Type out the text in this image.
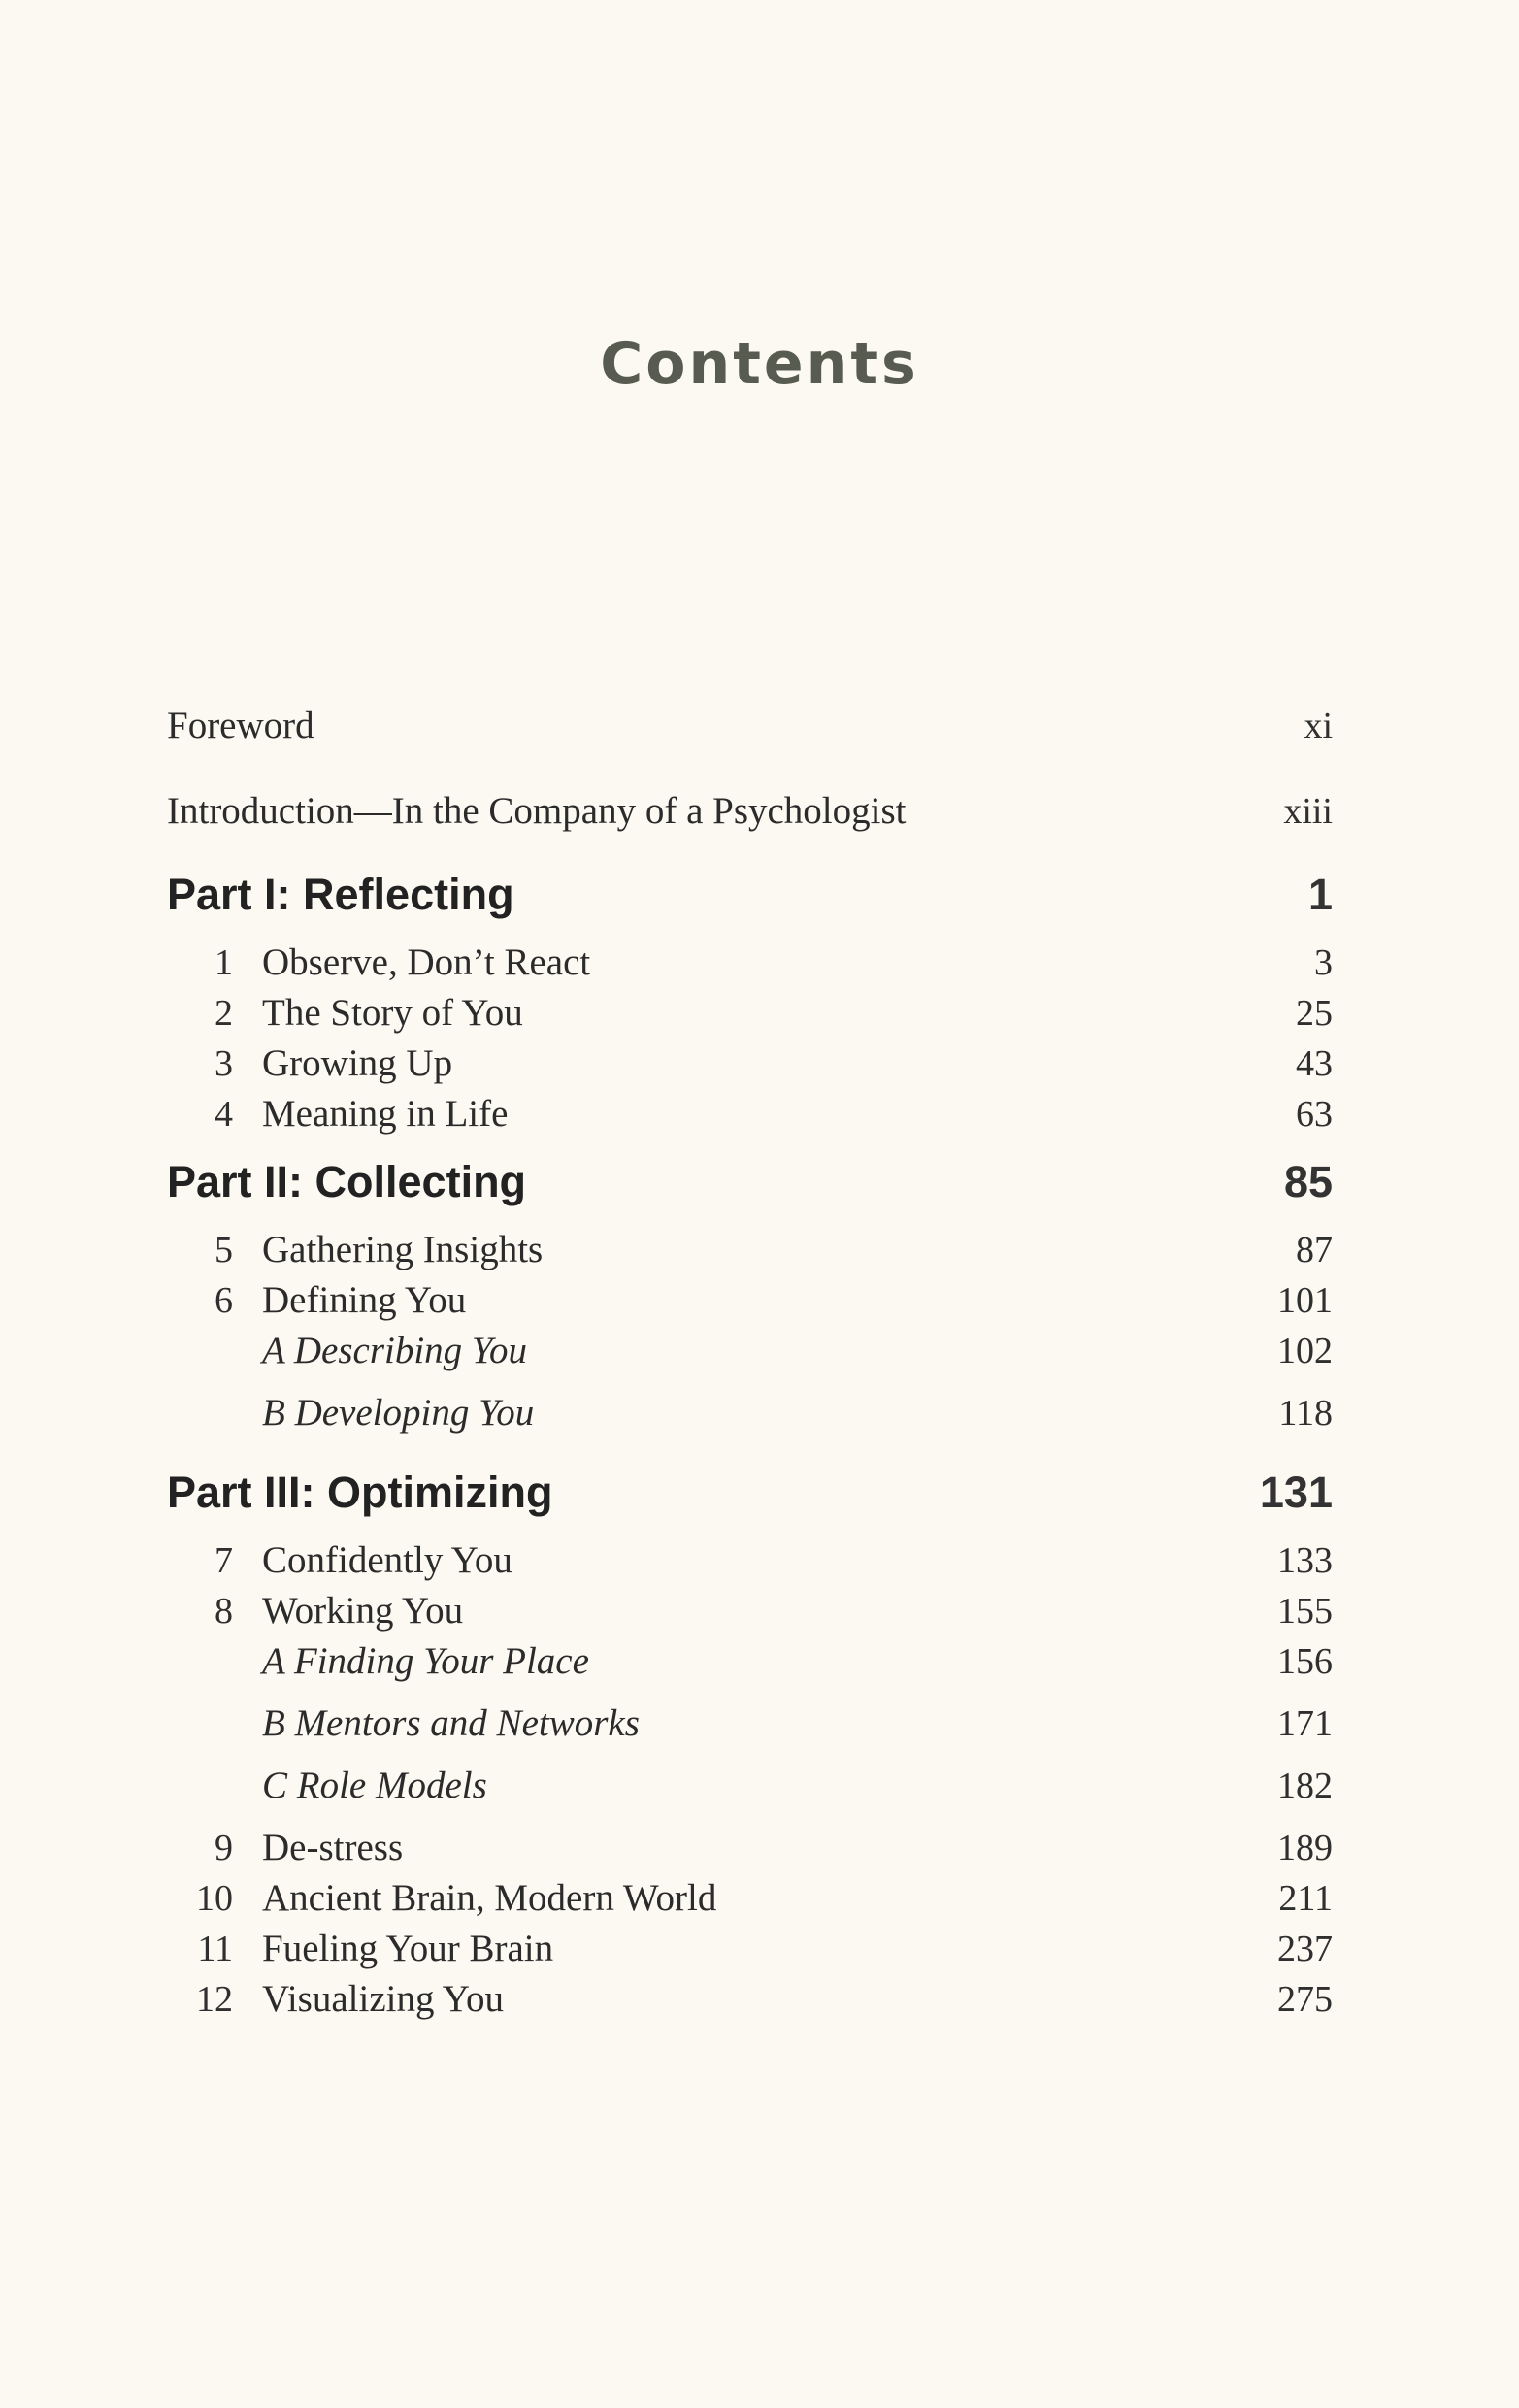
Contents
Foreword	xi
Introduction—In the Company of a Psychologist	xiii
Part I: Reflecting	1
1 Observe, Don’t React	3
2 The Story of You	25
3 Growing Up	43
4 Meaning in Life	63
Part II: Collecting	85
5 Gathering Insights	87
6 Defining You	101
A Describing You	102
B Developing You	118
Part III: Optimizing	131
7 Confidently You	133
8 Working You	155
A Finding Your Place	156
B Mentors and Networks	171
C Role Models	182
9 De-stress	189
10 Ancient Brain, Modern World	211
11 Fueling Your Brain	237
12 Visualizing You	275
